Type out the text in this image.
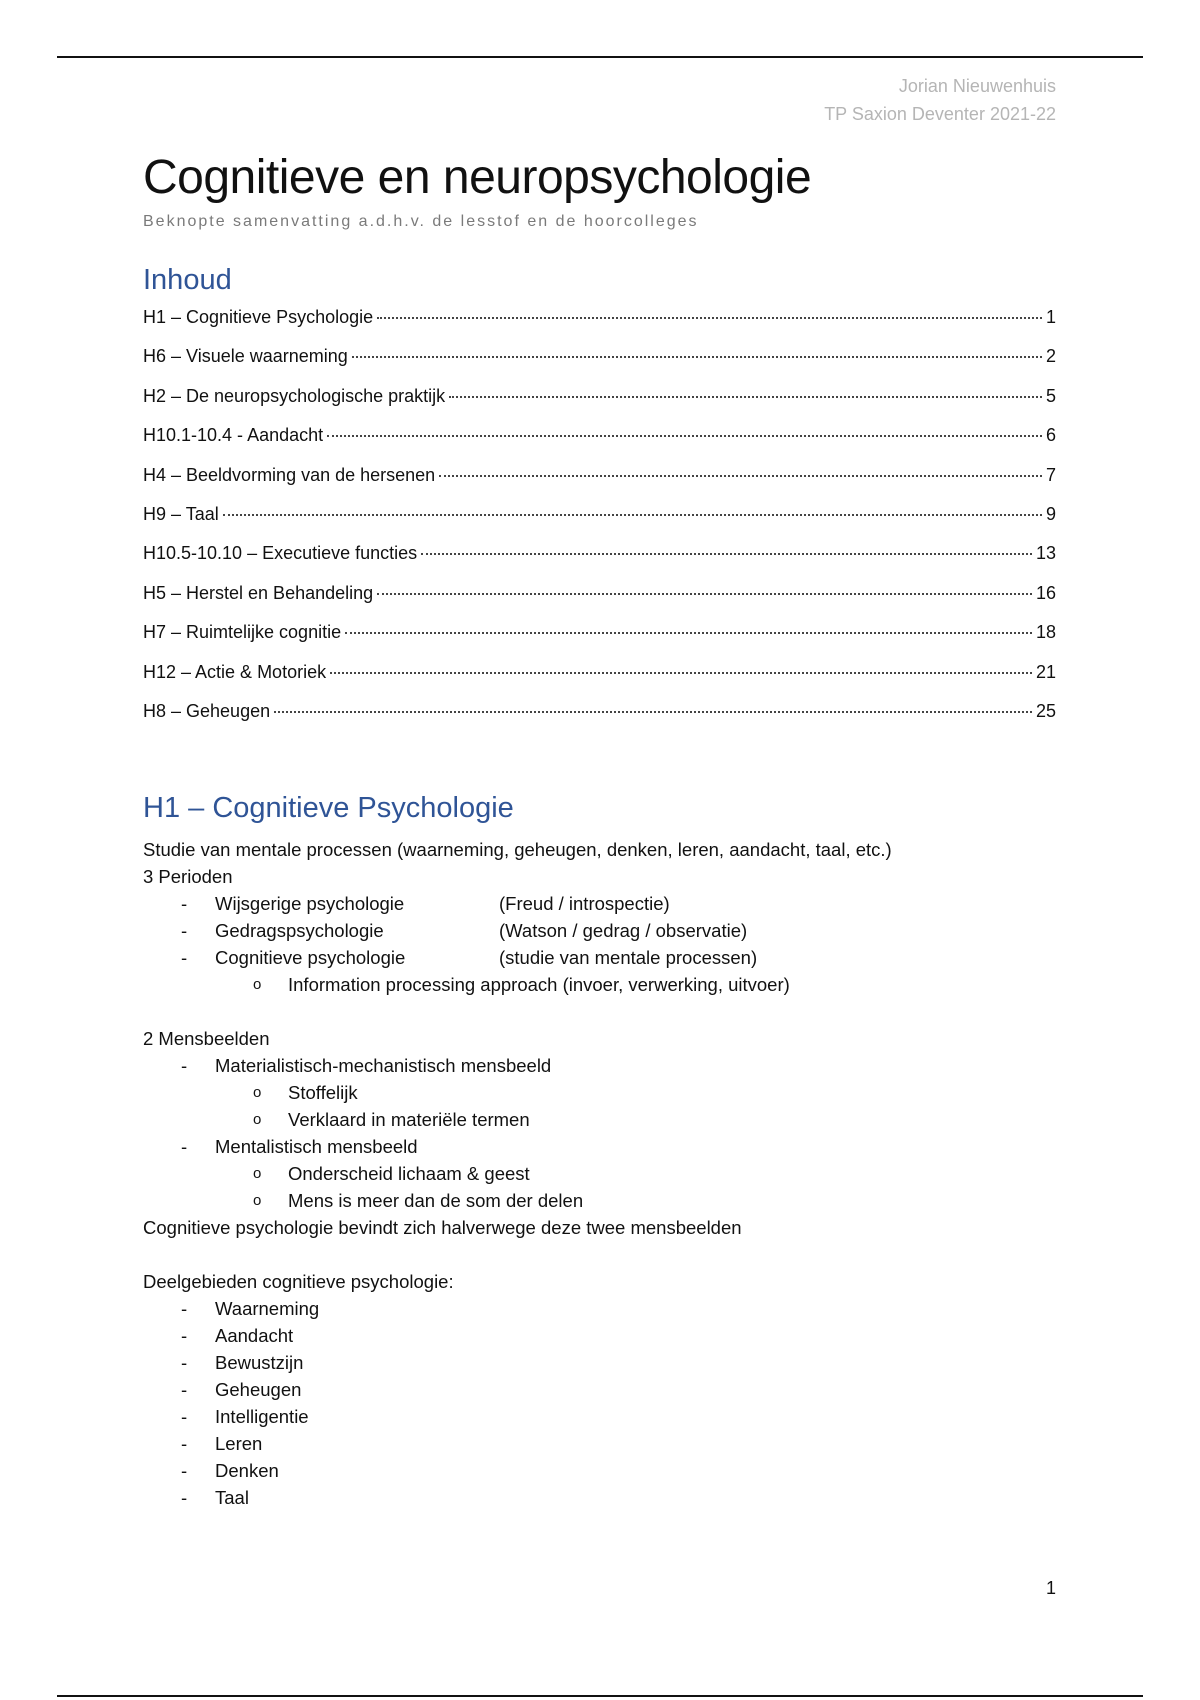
Jorian Nieuwenhuis
TP Saxion Deventer 2021-22
Cognitieve en neuropsychologie
Beknopte samenvatting a.d.h.v. de lesstof en de hoorcolleges
Inhoud
H1 – Cognitieve Psychologie	1
H6 – Visuele waarneming	2
H2 – De neuropsychologische praktijk	5
H10.1-10.4 - Aandacht	6
H4 – Beeldvorming van de hersenen	7
H9 – Taal	9
H10.5-10.10 – Executieve functies	13
H5 – Herstel en Behandeling	16
H7 – Ruimtelijke cognitie	18
H12 – Actie & Motoriek	21
H8 – Geheugen	25
H1 – Cognitieve Psychologie
Studie van mentale processen (waarneming, geheugen, denken, leren, aandacht, taal, etc.)
3 Perioden
- Wijsgerige psychologie	(Freud / introspectie)
- Gedragspsychologie	(Watson / gedrag / observatie)
- Cognitieve psychologie	(studie van mentale processen)
o Information processing approach (invoer, verwerking, uitvoer)
2 Mensbeelden
- Materialistisch-mechanistisch mensbeeld
o Stoffelijk
o Verklaard in materiële termen
- Mentalistisch mensbeeld
o Onderscheid lichaam & geest
o Mens is meer dan de som der delen
Cognitieve psychologie bevindt zich halverwege deze twee mensbeelden
Deelgebieden cognitieve psychologie:
- Waarneming
- Aandacht
- Bewustzijn
- Geheugen
- Intelligentie
- Leren
- Denken
- Taal
1
